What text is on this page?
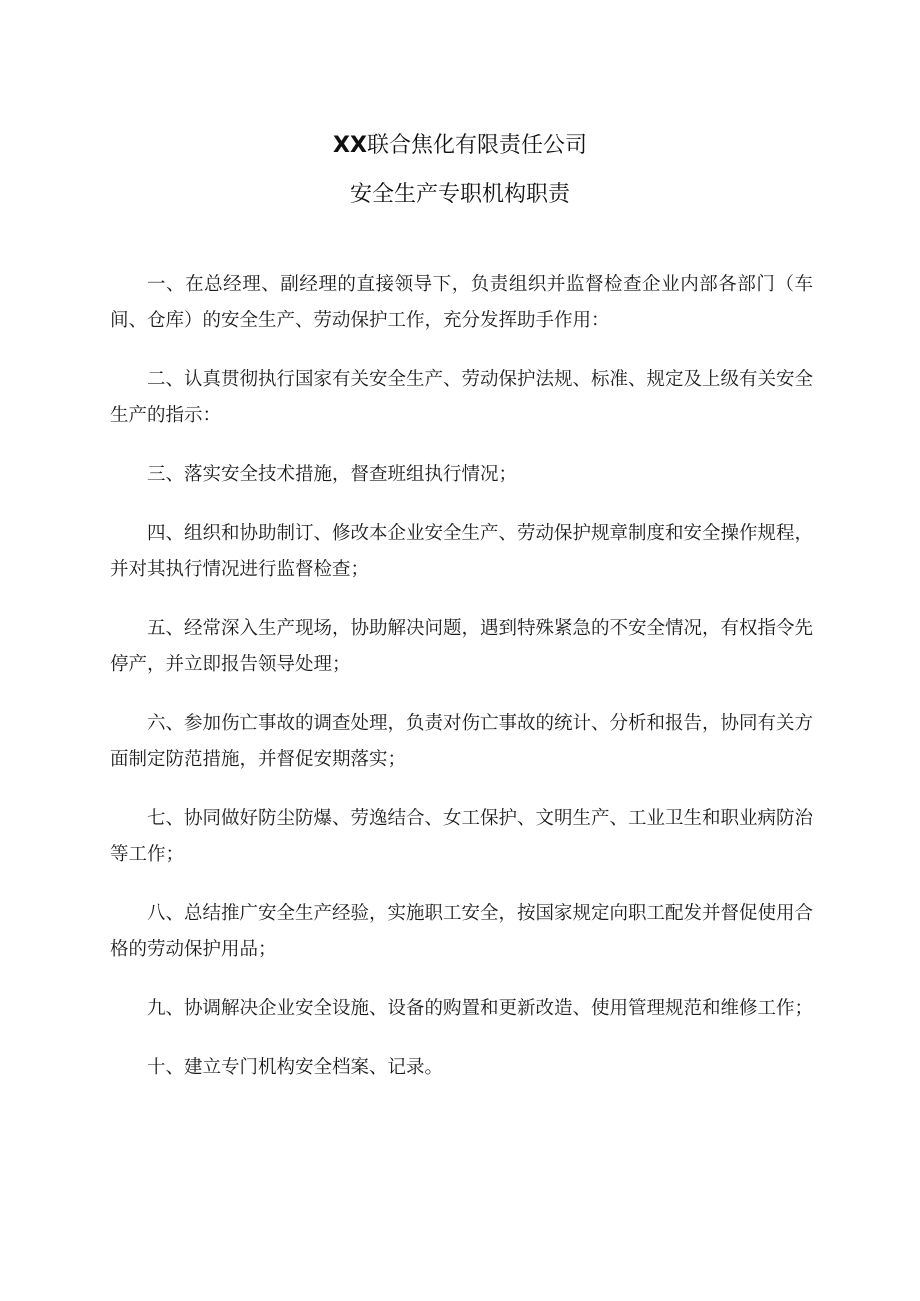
XX联合焦化有限责任公司
安全生产专职机构职责

一、在总经理、副经理的直接领导下，负责组织并监督检查企业内部各部门（车间、仓库）的安全生产、劳动保护工作，充分发挥助手作用：

二、认真贯彻执行国家有关安全生产、劳动保护法规、标准、规定及上级有关安全生产的指示：

三、落实安全技术措施，督查班组执行情况；

四、组织和协助制订、修改本企业安全生产、劳动保护规章制度和安全操作规程，并对其执行情况进行监督检查；

五、经常深入生产现场，协助解决问题，遇到特殊紧急的不安全情况，有权指令先停产，并立即报告领导处理；

六、参加伤亡事故的调查处理，负责对伤亡事故的统计、分析和报告，协同有关方面制定防范措施，并督促安期落实；

七、协同做好防尘防爆、劳逸结合、女工保护、文明生产、工业卫生和职业病防治等工作；

八、总结推广安全生产经验，实施职工安全，按国家规定向职工配发并督促使用合格的劳动保护用品；

九、协调解决企业安全设施、设备的购置和更新改造、使用管理规范和维修工作；

十、建立专门机构安全档案、记录。
